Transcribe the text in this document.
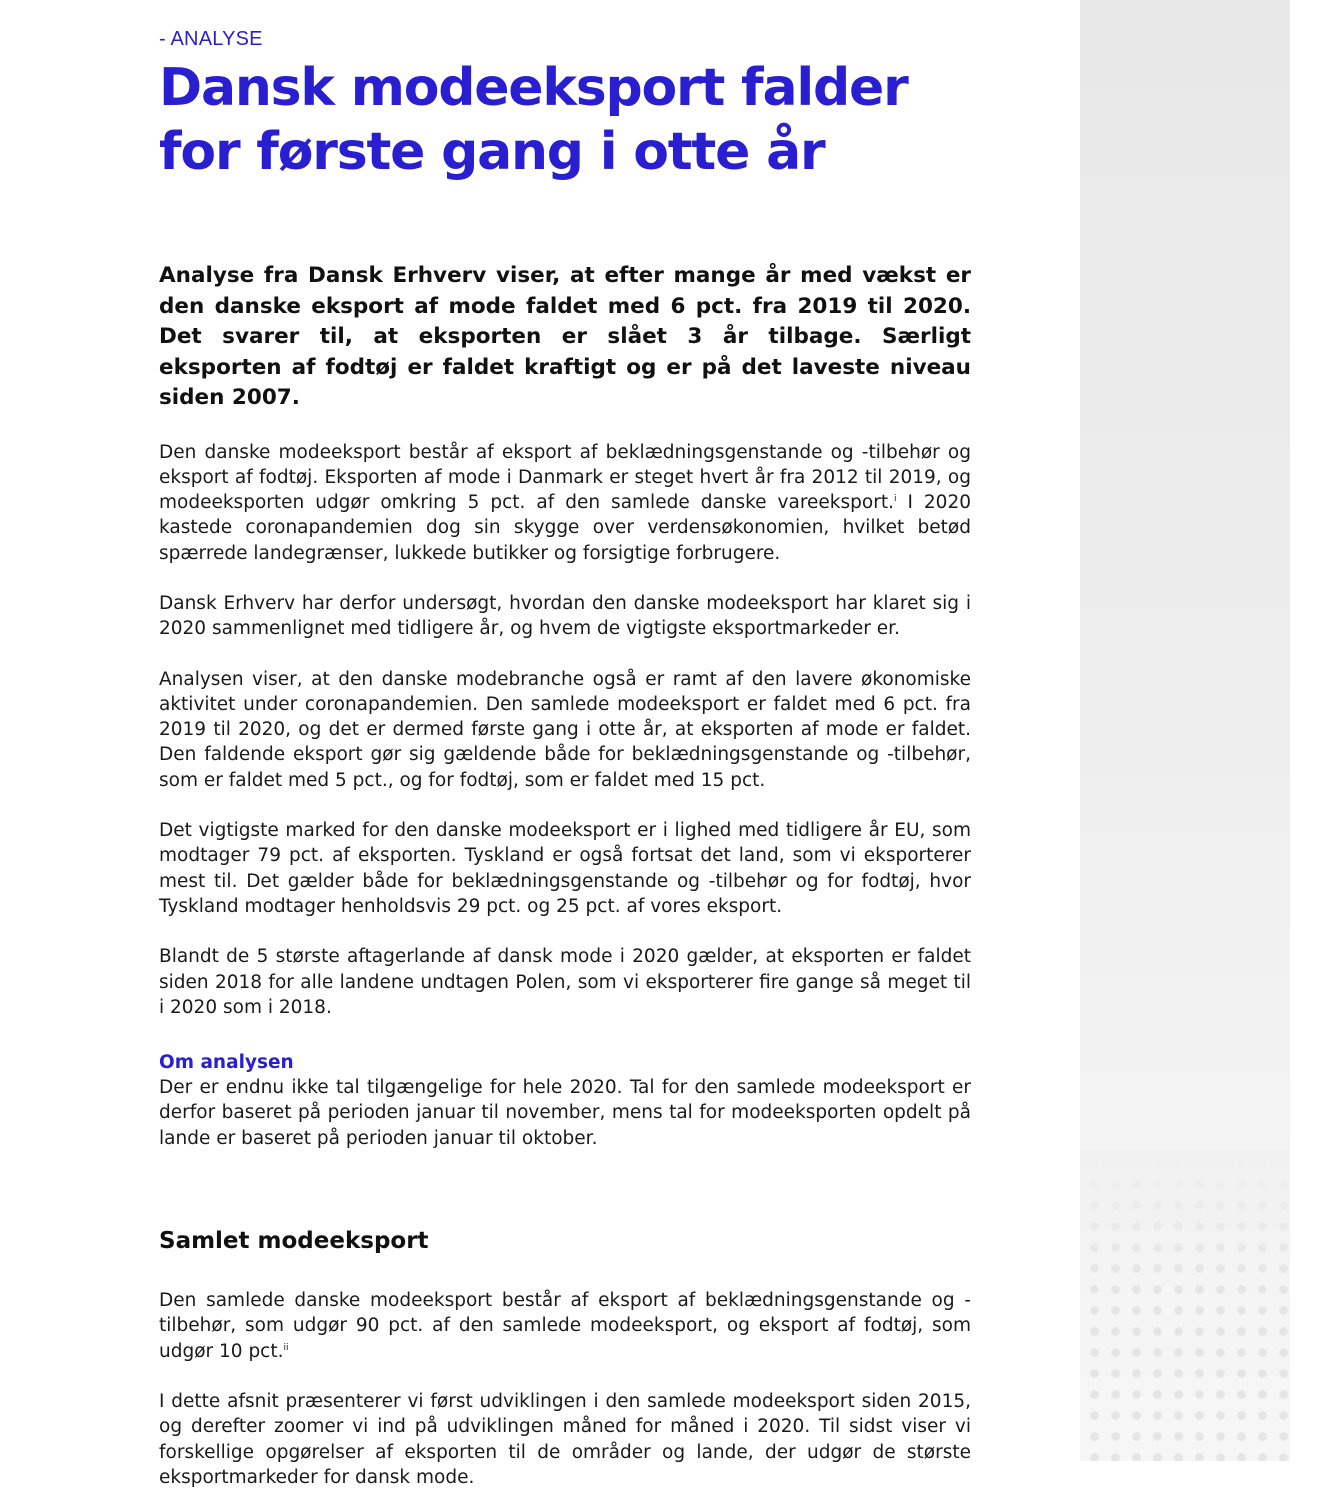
- ANALYSE

Dansk modeeksport falder for første gang i otte år

Analyse fra Dansk Erhverv viser, at efter mange år med vækst er den danske eksport af mode faldet med 6 pct. fra 2019 til 2020. Det svarer til, at eksporten er slået 3 år tilbage. Særligt eksporten af fodtøj er faldet kraftigt og er på det laveste niveau siden 2007.

Den danske modeeksport består af eksport af beklædningsgenstande og -tilbehør og eksport af fodtøj. Eksporten af mode i Danmark er steget hvert år fra 2012 til 2019, og modeeksporten udgør omkring 5 pct. af den samlede danske vareeksport.$^i$ I 2020 kastede coronapandemien dog sin skygge over verdensøkonomien, hvilket betød spærrede landegrænser, lukkede butikker og forsigtige forbrugere.

Dansk Erhverv har derfor undersøgt, hvordan den danske modeeksport har klaret sig i 2020 sammenlignet med tidligere år, og hvem de vigtigste eksportmarkeder er.

Analysen viser, at den danske modebranche også er ramt af den lavere økonomiske aktivitet under coronapandemien. Den samlede modeeksport er faldet med 6 pct. fra 2019 til 2020, og det er dermed første gang i otte år, at eksporten af mode er faldet. Den faldende eksport gør sig gældende både for beklædningsgenstande og -tilbehør, som er faldet med 5 pct., og for fodtøj, som er faldet med 15 pct.

Det vigtigste marked for den danske modeeksport er i lighed med tidligere år EU, som modtager 79 pct. af eksporten. Tyskland er også fortsat det land, som vi eksporterer mest til. Det gælder både for beklædningsgenstande og -tilbehør og for fodtøj, hvor Tyskland modtager henholdsvis 29 pct. og 25 pct. af vores eksport.

Blandt de 5 største aftagerlande af dansk mode i 2020 gælder, at eksporten er faldet siden 2018 for alle landene undtagen Polen, som vi eksporterer fire gange så meget til i 2020 som i 2018.

Om analysen

Der er endnu ikke tal tilgængelige for hele 2020. Tal for den samlede modeeksport er derfor baseret på perioden januar til november, mens tal for modeeksporten opdelt på lande er baseret på perioden januar til oktober.

Samlet modeeksport

Den samlede danske modeeksport består af eksport af beklædningsgenstande og -tilbehør, som udgør 90 pct. af den samlede modeeksport, og eksport af fodtøj, som udgør 10 pct.$^{ii}$

I dette afsnit præsenterer vi først udviklingen i den samlede modeeksport siden 2015, og derefter zoomer vi ind på udviklingen måned for måned i 2020. Til sidst viser vi forskellige opgørelser af eksporten til de områder og lande, der udgør de største eksportmarkeder for dansk mode.
